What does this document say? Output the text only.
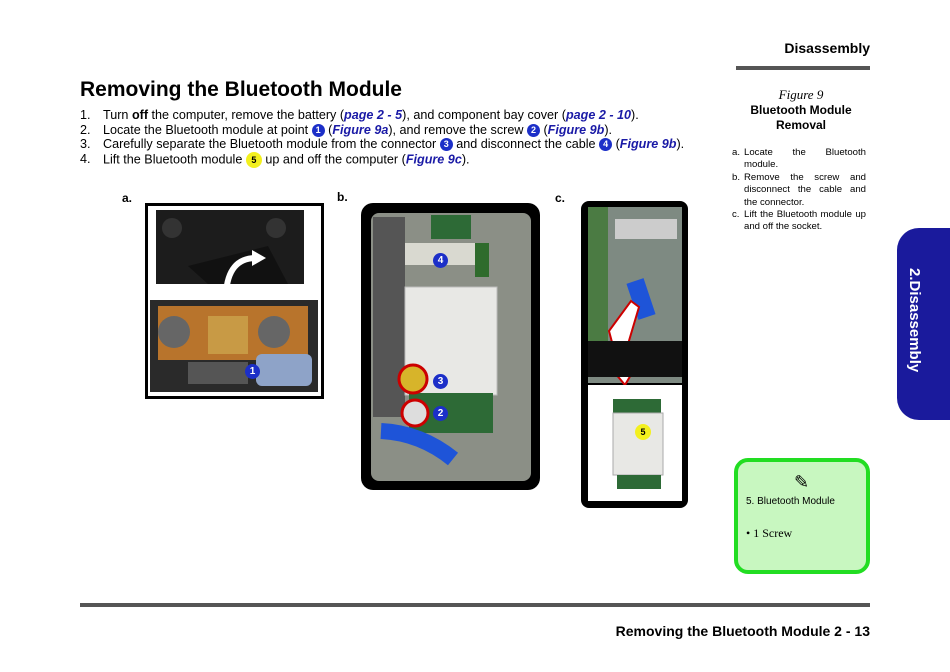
Disassembly
Removing the Bluetooth Module
1. Turn off the computer, remove the battery (page 2 - 5), and component bay cover (page 2 - 10).
2. Locate the Bluetooth module at point 1 (Figure 9a), and remove the screw 2 (Figure 9b).
3. Carefully separate the Bluetooth module from the connector 3 and disconnect the cable 4 (Figure 9b).
4. Lift the Bluetooth module 5 up and off the computer (Figure 9c).
a.	b.	c.
1
4
3
2
5
Figure 9
Bluetooth Module Removal
a. Locate the Bluetooth module.
b. Remove the screw and disconnect the cable and the connector.
c. Lift the Bluetooth module up and off the socket.
2.Disassembly
✎
5. Bluetooth Module
• 1 Screw
Removing the Bluetooth Module 2 - 13
